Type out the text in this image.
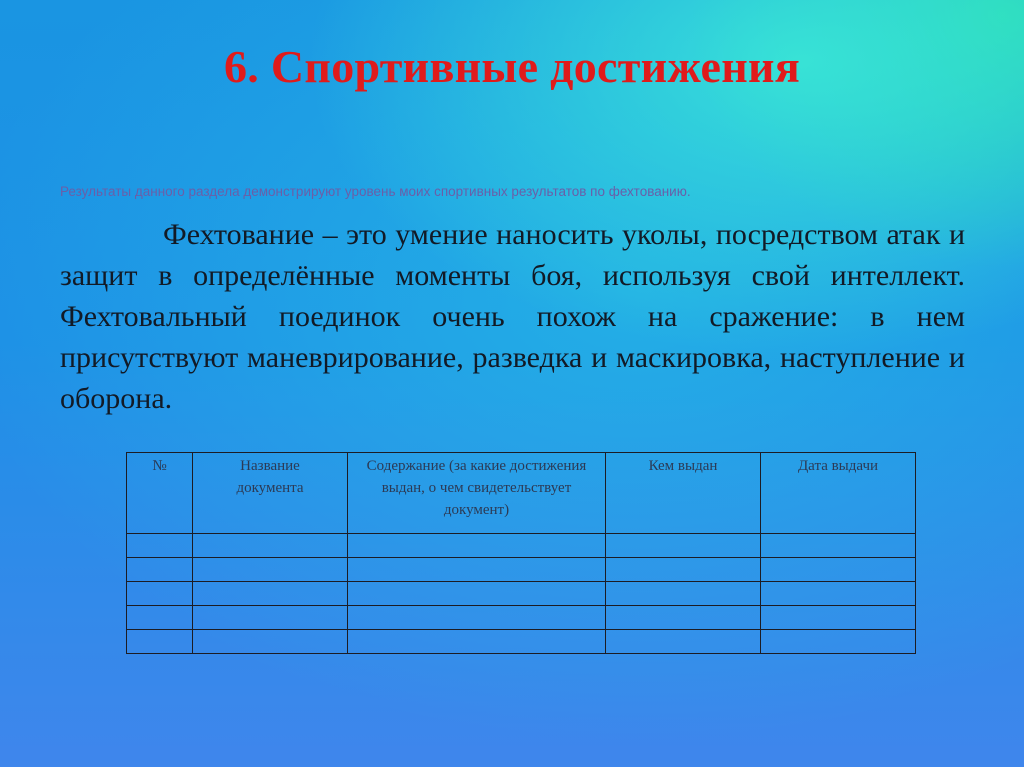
6. Спортивные достижения
Результаты данного раздела демонстрируют уровень моих спортивных результатов по фехтованию.

Фехтование – это умение наносить уколы, посредством атак и защит в определённые моменты боя, используя свой интеллект. Фехтовальный поединок очень похож на сражение: в нем присутствуют маневрирование, разведка и маскировка, наступление и оборона.

№	Название документа	Содержание (за какие достижения выдан, о чем свидетельствует документ)	Кем выдан	Дата выдачи
